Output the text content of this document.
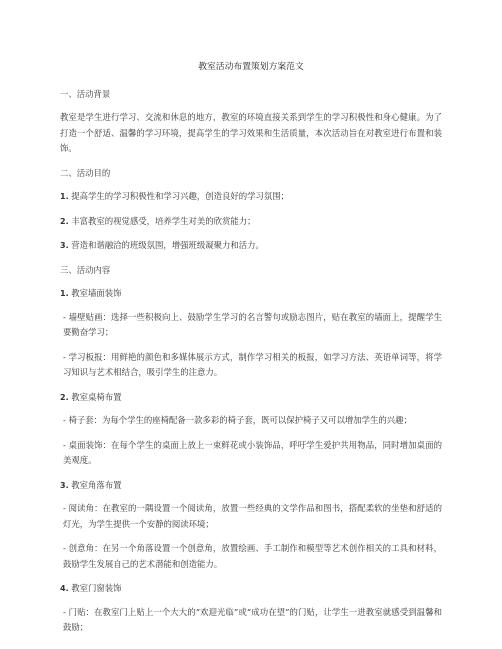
教室活动布置策划方案范文

一、活动背景

教室是学生进行学习、交流和休息的地方，教室的环境直接关系到学生的学习积极性和身心健康。为了打造一个舒适、温馨的学习环境，提高学生的学习效果和生活质量，本次活动旨在对教室进行布置和装饰。

二、活动目的

1. 提高学生的学习积极性和学习兴趣，创造良好的学习氛围；

2. 丰富教室的视觉感受，培养学生对美的欣赏能力；

3. 营造和谐融洽的班级氛围，增强班级凝聚力和活力。

三、活动内容

1. 教室墙面装饰

- 墙壁贴画：选择一些积极向上、鼓励学生学习的名言警句或励志图片，贴在教室的墙面上，提醒学生要勤奋学习；

- 学习板报：用鲜艳的颜色和多媒体展示方式，制作学习相关的板报，如学习方法、英语单词等，将学习知识与艺术相结合，吸引学生的注意力。

2. 教室桌椅布置

- 椅子套：为每个学生的座椅配备一款多彩的椅子套，既可以保护椅子又可以增加学生的兴趣；

- 桌面装饰：在每个学生的桌面上放上一束鲜花或小装饰品，呼吁学生爱护共用物品，同时增加桌面的美观度。

3. 教室角落布置

- 阅读角：在教室的一隅设置一个阅读角，放置一些经典的文学作品和图书，搭配柔软的坐垫和舒适的灯光，为学生提供一个安静的阅读环境；

- 创意角：在另一个角落设置一个创意角，放置绘画、手工制作和模型等艺术创作相关的工具和材料，鼓励学生发展自己的艺术潜能和创造能力。

4. 教室门窗装饰

- 门贴：在教室门上贴上一个大大的“欢迎光临”或“成功在望”的门贴，让学生一进教室就感受到温馨和鼓励；
